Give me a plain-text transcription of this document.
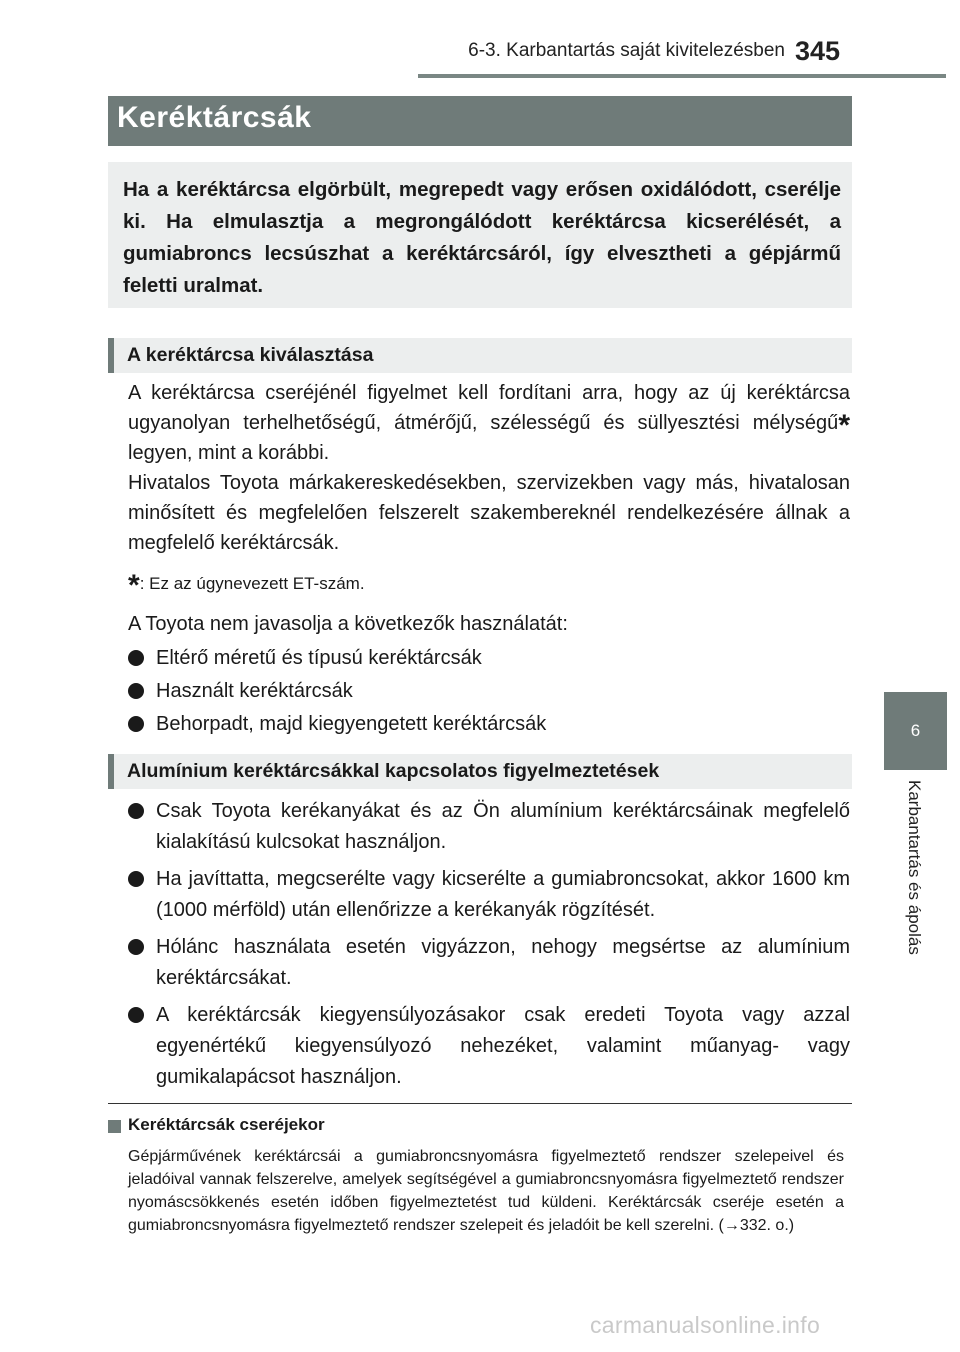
6-3. Karbantartás saját kivitelezésben 345
6
Karbantartás és ápolás
Keréktárcsák

Ha a keréktárcsa elgörbült, megrepedt vagy erősen oxidálódott, cserélje ki. Ha elmulasztja a megrongálódott keréktárcsa kicserélését, a gumiabroncs lecsúszhat a keréktárcsáról, így elvesztheti a gépjármű feletti uralmat.

A keréktárcsa kiválasztása

A keréktárcsa cseréjénél figyelmet kell fordítani arra, hogy az új keréktárcsa ugyanolyan terhelhetőségű, átmérőjű, szélességű és süllyesztési mélységű* legyen, mint a korábbi.

Hivatalos Toyota márkakereskedésekben, szervizekben vagy más, hivatalosan minősített és megfelelően felszerelt szakembereknél rendelkezésére állnak a megfelelő keréktárcsák.

*: Ez az úgynevezett ET-szám.

A Toyota nem javasolja a következők használatát:

Eltérő méretű és típusú keréktárcsák
Használt keréktárcsák
Behorpadt, majd kiegyengetett keréktárcsák
Alumínium keréktárcsákkal kapcsolatos figyelmeztetések
Csak Toyota kerékanyákat és az Ön alumínium keréktárcsáinak megfelelő kialakítású kulcsokat használjon.
Ha javíttatta, megcserélte vagy kicserélte a gumiabroncsokat, akkor 1600 km (1000 mérföld) után ellenőrizze a kerékanyák rögzítését.
Hólánc használata esetén vigyázzon, nehogy megsértse az alumínium keréktárcsákat.
A keréktárcsák kiegyensúlyozásakor csak eredeti Toyota vagy azzal egyenértékű kiegyensúlyozó nehezéket, valamint műanyag- vagy gumikalapácsot használjon.
Keréktárcsák cseréjekor

Gépjárművének keréktárcsái a gumiabroncsnyomásra figyelmeztető rendszer szelepeivel és jeladóival vannak felszerelve, amelyek segítségével a gumiabroncsnyomásra figyelmeztető rendszer nyomáscsökkenés esetén időben figyelmeztetést tud küldeni. Keréktárcsák cseréje esetén a gumiabroncsnyomásra figyelmeztető rendszer szelepeit és jeladóit be kell szerelni. (→332. o.)

carmanualsonline.info
